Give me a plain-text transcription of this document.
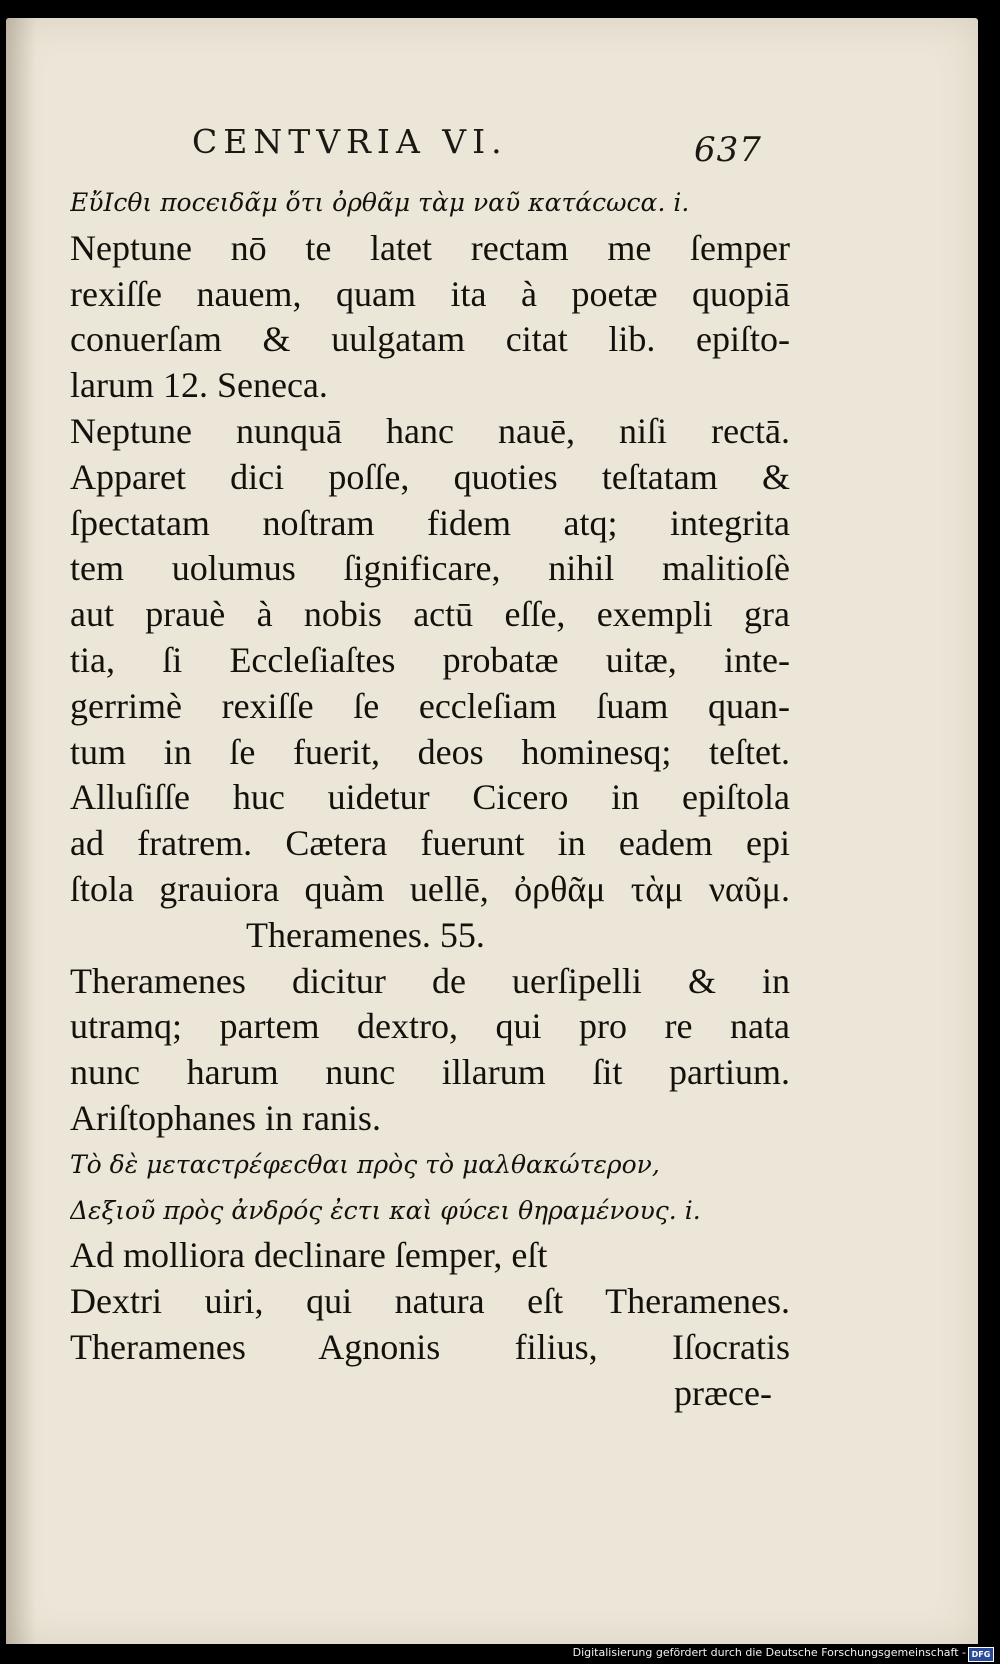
CENTVRIA VI.	637
ΕὔΙϲθι ποϲϵιδᾶμ ὅτι ὀρθᾶμ τὰμ ναῦ κατάϲωϲα. i.
Neptune nō te latet rectam me ſemper
rexiſſe nauem, quam ita à poetæ quopiā
conuerſam & uulgatam citat lib. epiſto-
larum 12. Seneca.
Neptune nunquā hanc nauē, niſi rectā.
Apparet dici poſſe, quoties teſtatam &
ſpectatam noſtram fidem atq; integrita
tem uolumus ſignificare, nihil malitioſè
aut prauè à nobis actū eſſe, exempli gra
tia, ſi Eccleſiaſtes probatæ uitæ, inte-
gerrimè rexiſſe ſe eccleſiam ſuam quan-
tum in ſe fuerit, deos hominesq; teſtet.
Alluſiſſe huc uidetur Cicero in epiſtola
ad fratrem. Cætera fuerunt in eadem epi
ſtola grauiora quàm uellē, ὀρθᾶμ τὰμ ναῦμ.
Theramenes. 55.
Theramenes dicitur de uerſipelli & in
utramq; partem dextro, qui pro re nata
nunc harum nunc illarum ſit partium.
Ariſtophanes in ranis.
Τὸ δὲ μεταϲτρέφεϲθαι πρὸς τὸ μαλθακώτερον,
Δεξιοῦ πρὸς ἀνδρός ἐϲτι καὶ φύϲει θηραμένους. i.
Ad molliora declinare ſemper, eſt
Dextri uiri, qui natura eſt Theramenes.
Theramenes Agnonis filius, Iſocratis
præce-
Digitalisierung gefördert durch die Deutsche Forschungsgemeinschaft - DFG
